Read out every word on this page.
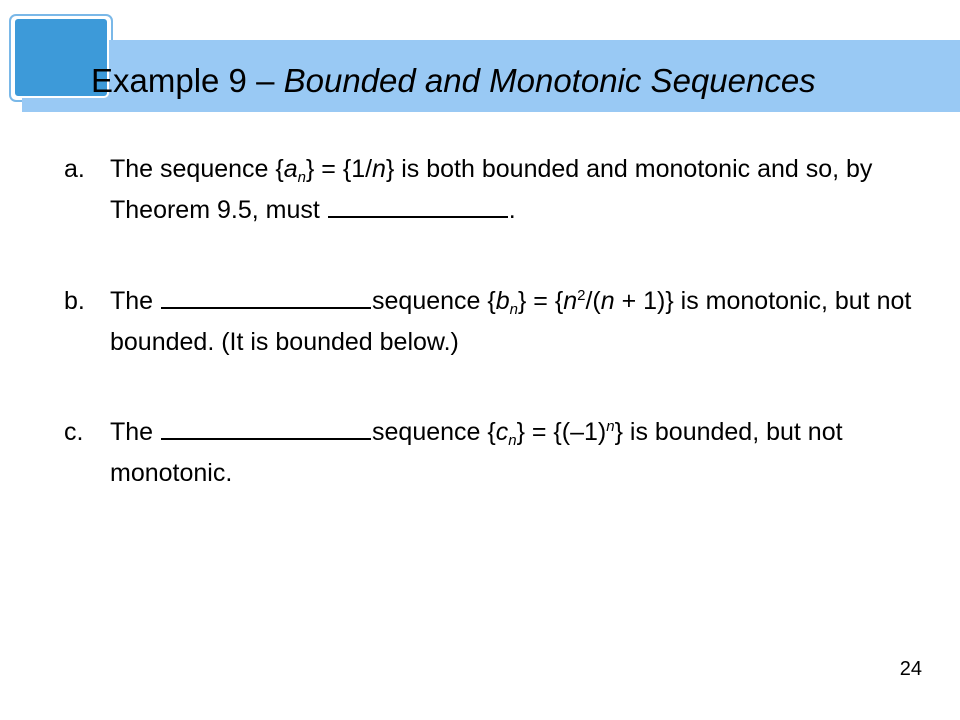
Example 9 – Bounded and Monotonic Sequences
a. The sequence $\{a_n\} = \{1/n\}$ is both bounded and monotonic and so, by Theorem 9.5, must	.
b. The	sequence $\{b_n\} = \{n^2/(n + 1)\}$ is monotonic, but not bounded. (It is bounded below.)
c. The	sequence $\{c_n\} = \{(-1)^n\}$ is bounded, but not monotonic.
24
